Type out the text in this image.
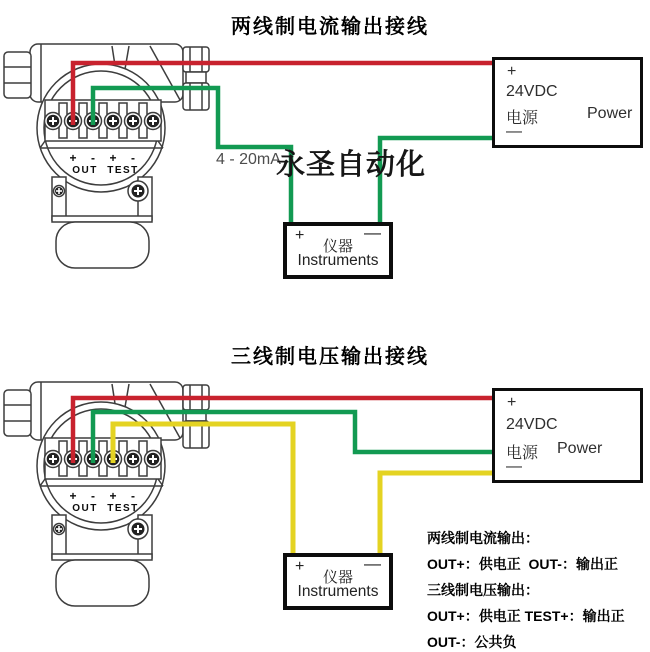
两线制电流输出接线
+
24VDC
电源	Power
—
4 - 20mA
永圣自动化
+	—
仪器
Instruments
三线制电压输出接线
+
24VDC
电源 Power
—
+	—
仪器
Instruments
两线制电流输出：
OUT+：供电正  OUT-：输出正
三线制电压输出：
OUT+：供电正 TEST+：输出正
OUT-：公共负
+ - + -
OUT TEST
+ - + -
OUT TEST
